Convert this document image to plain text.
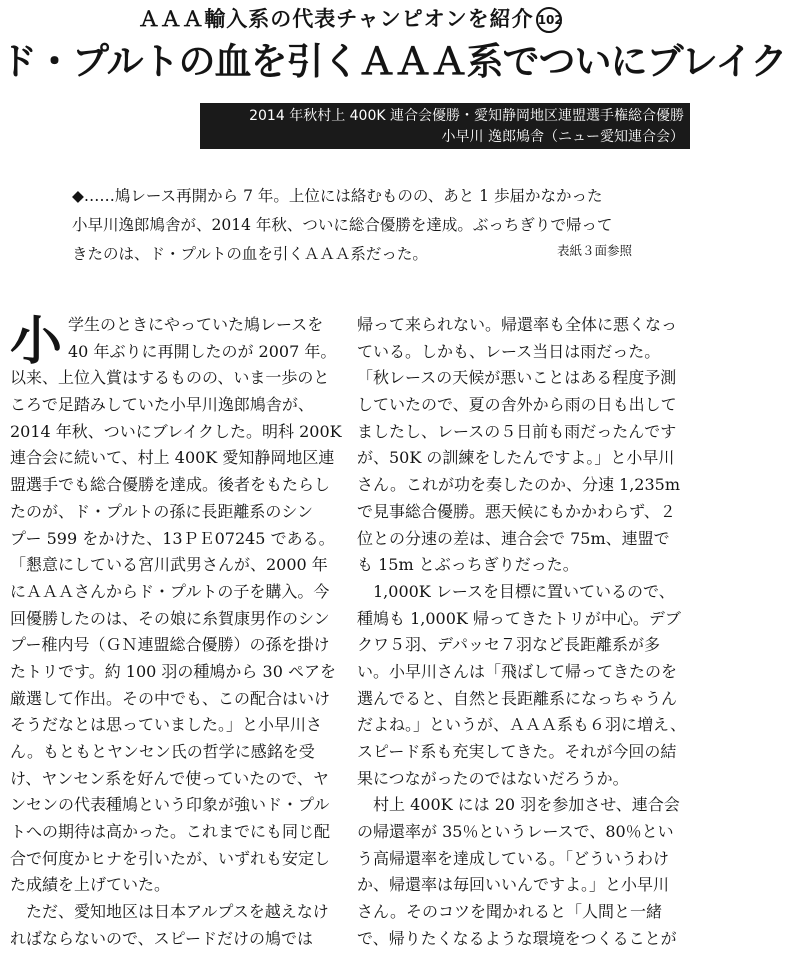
ＡＡＡ輸入系の代表チャンピオンを紹介 102
ド・プルトの血を引くＡＡＡ系でついにブレイク
2014 年秋村上 400K 連合会優勝・愛知静岡地区連盟選手権総合優勝
小早川 逸郎鳩舎（ニュー愛知連合会）
◆……鳩レース再開から 7 年。上位には絡むものの、あと 1 歩届かなかった
小早川逸郎鳩舎が、2014 年秋、ついに総合優勝を達成。ぶっちぎりで帰って
きたのは、ド・プルトの血を引くＡＡＡ系だった。	表紙３面参照
小 学生のときにやっていた鳩レースを
40 年ぶりに再開したのが 2007 年。
以来、上位入賞はするものの、いま一歩のと
ころで足踏みしていた小早川逸郎鳩舎が、
2014 年秋、ついにブレイクした。明科 200K
連合会に続いて、村上 400K 愛知静岡地区連
盟選手でも総合優勝を達成。後者をもたらし
たのが、ド・プルトの孫に長距離系のシン
プー 599 をかけた、13ＰＥ07245 である。
「懇意にしている宮川武男さんが、2000 年
にＡＡＡさんからド・プルトの子を購入。今
回優勝したのは、その娘に糸賀康男作のシン
プー稚内号（ＧＮ連盟総合優勝）の孫を掛け
たトリです。約 100 羽の種鳩から 30 ペアを
厳選して作出。その中でも、この配合はいけ
そうだなとは思っていました。」と小早川さ
ん。もともとヤンセン氏の哲学に感銘を受
け、ヤンセン系を好んで使っていたので、ヤ
ンセンの代表種鳩という印象が強いド・プル
トへの期待は高かった。これまでにも同じ配
合で何度かヒナを引いたが、いずれも安定し
た成績を上げていた。
　ただ、愛知地区は日本アルプスを越えなけ
ればならないので、スピードだけの鳩では
帰って来られない。帰還率も全体に悪くなっ
ている。しかも、レース当日は雨だった。
「秋レースの天候が悪いことはある程度予測
していたので、夏の舎外から雨の日も出して
ましたし、レースの５日前も雨だったんです
が、50K の訓練をしたんですよ。」と小早川
さん。これが功を奏したのか、分速 1,235m
で見事総合優勝。悪天候にもかかわらず、２
位との分速の差は、連合会で 75m、連盟で
も 15m とぶっちぎりだった。
　1,000K レースを目標に置いているので、
種鳩も 1,000K 帰ってきたトリが中心。デブ
クワ５羽、デパッセ７羽など長距離系が多
い。小早川さんは「飛ばして帰ってきたのを
選んでると、自然と長距離系になっちゃうん
だよね。」というが、ＡＡＡ系も６羽に増え、
スピード系も充実してきた。それが今回の結
果につながったのではないだろうか。
　村上 400K には 20 羽を参加させ、連合会
の帰還率が 35％というレースで、80％とい
う高帰還率を達成している。「どういうわけ
か、帰還率は毎回いいんですよ。」と小早川
さん。そのコツを聞かれると「人間と一緒
で、帰りたくなるような環境をつくることが
